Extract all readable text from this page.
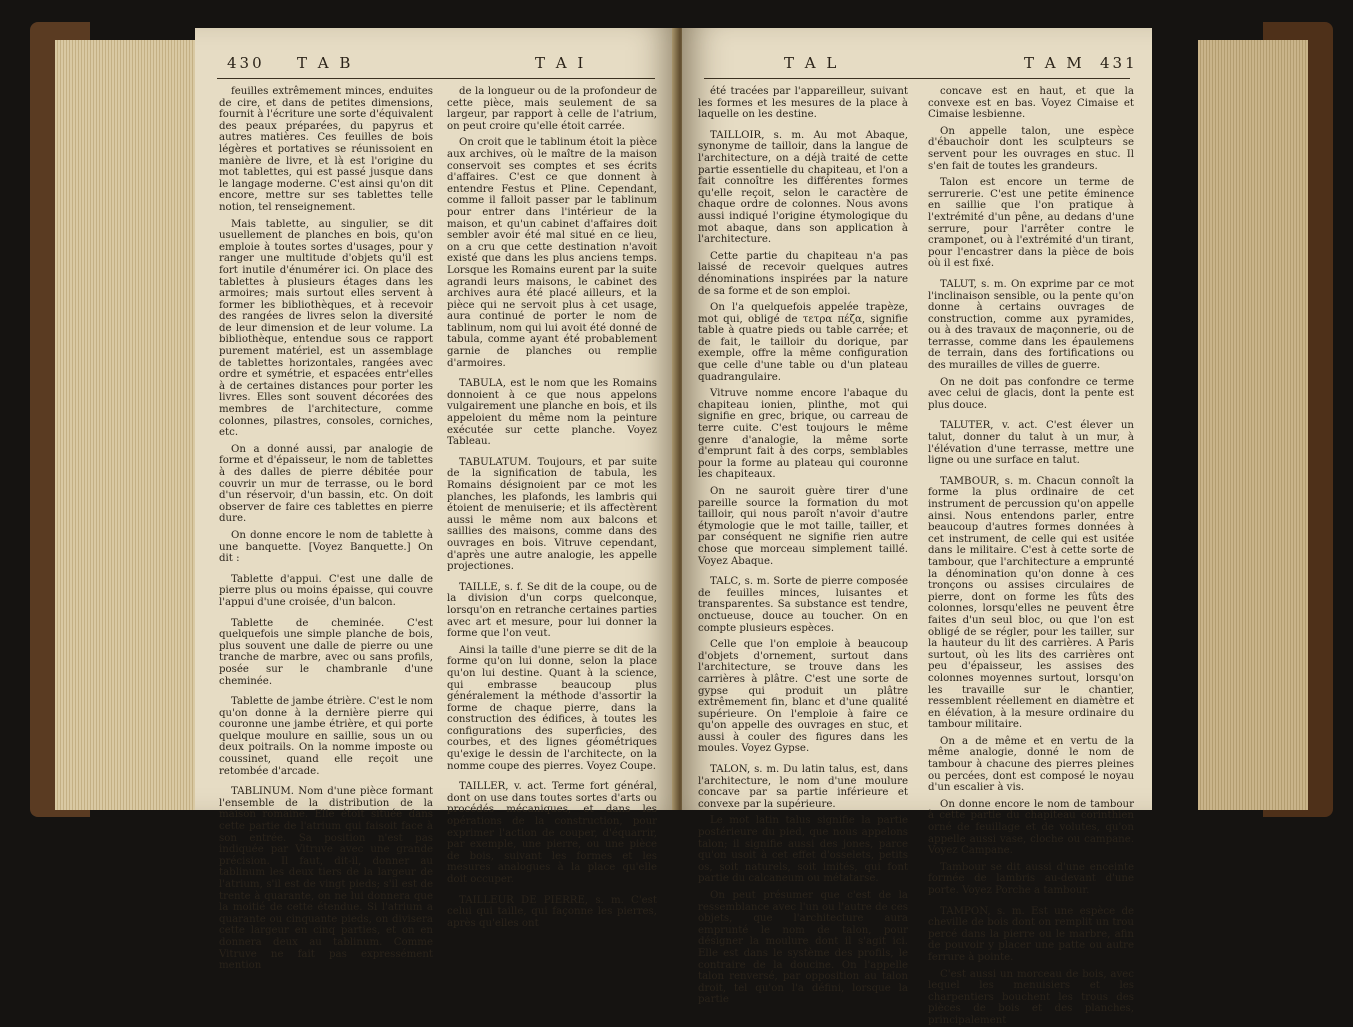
430 T A B	T A I

feuilles extrêmement minces, enduites de cire, et dans de petites dimensions, fournit à l'écriture une sorte d'équivalent des peaux préparées, du papyrus et autres matières. Ces feuilles de bois légères et portatives se réunissoient en manière de livre, et là est l'origine du mot tablettes, qui est passé jusque dans le langage moderne. C'est ainsi qu'on dit encore, mettre sur ses tablettes telle notion, tel renseignement.

Mais tablette, au singulier, se dit usuellement de planches en bois, qu'on emploie à toutes sortes d'usages, pour y ranger une multitude d'objets qu'il est fort inutile d'énumérer ici. On place des tablettes à plusieurs étages dans les armoires; mais surtout elles servent à former les bibliothèques, et à recevoir des rangées de livres selon la diversité de leur dimension et de leur volume. La bibliothèque, entendue sous ce rapport purement matériel, est un assemblage de tablettes horizontales, rangées avec ordre et symétrie, et espacées entr'elles à de certaines distances pour porter les livres. Elles sont souvent décorées des membres de l'architecture, comme colonnes, pilastres, consoles, corniches, etc.

On a donné aussi, par analogie de forme et d'épaisseur, le nom de tablettes à des dalles de pierre débitée pour couvrir un mur de terrasse, ou le bord d'un réservoir, d'un bassin, etc. On doit observer de faire ces tablettes en pierre dure.

On donne encore le nom de tablette à une banquette. [Voyez Banquette.] On dit :

Tablette d'appui. C'est une dalle de pierre plus ou moins épaisse, qui couvre l'appui d'une croisée, d'un balcon.

Tablette de cheminée. C'est quelquefois une simple planche de bois, plus souvent une dalle de pierre ou une tranche de marbre, avec ou sans profils, posée sur le chambranle d'une cheminée.

Tablette de jambe étrière. C'est le nom qu'on donne à la dernière pierre qui couronne une jambe étrière, et qui porte quelque moulure en saillie, sous un ou deux poitrails. On la nomme imposte ou coussinet, quand elle reçoit une retombée d'arcade.

TABLINUM. Nom d'une pièce formant l'ensemble de la distribution de la maison romaine. Elle étoit située dans cette partie de l'atrium qui faisoit face à son entrée. Sa position n'est pas indiquée par Vitruve avec une grande précision. Il faut, dit-il, donner au tablinum les deux tiers de la largeur de l'atrium, s'il est de vingt pieds; s'il est de trente à quarante, on ne lui donnera que la moitié de cette étendue. Si l'atrium a quarante ou cinquante pieds, on divisera cette largeur en cinq parties, et on en donnera deux au tablinum. Comme Vitruve ne fait pas expressément mention

de la longueur ou de la profondeur de cette pièce, mais seulement de sa largeur, par rapport à celle de l'atrium, on peut croire qu'elle étoit carrée.

On croit que le tablinum étoit la pièce aux archives, où le maître de la maison conservoit ses comptes et ses écrits d'affaires. C'est ce que donnent à entendre Festus et Pline. Cependant, comme il falloit passer par le tablinum pour entrer dans l'intérieur de la maison, et qu'un cabinet d'affaires doit sembler avoir été mal situé en ce lieu, on a cru que cette destination n'avoit existé que dans les plus anciens temps. Lorsque les Romains eurent par la suite agrandi leurs maisons, le cabinet des archives aura été placé ailleurs, et la pièce qui ne servoit plus à cet usage, aura continué de porter le nom de tablinum, nom qui lui avoit été donné de tabula, comme ayant été probablement garnie de planches ou remplie d'armoires.

TABULA, est le nom que les Romains donnoient à ce que nous appelons vulgairement une planche en bois, et ils appeloient du même nom la peinture exécutée sur cette planche. Voyez Tableau.

TABULATUM. Toujours, et par suite de la signification de tabula, les Romains désignoient par ce mot les planches, les plafonds, les lambris qui étoient de menuiserie; et ils affectèrent aussi le même nom aux balcons et saillies des maisons, comme dans des ouvrages en bois. Vitruve cependant, d'après une autre analogie, les appelle projectiones.

TAILLE, s. f. Se dit de la coupe, ou de la division d'un corps quelconque, lorsqu'on en retranche certaines parties avec art et mesure, pour lui donner la forme que l'on veut.

Ainsi la taille d'une pierre se dit de la forme qu'on lui donne, selon la place qu'on lui destine. Quant à la science, qui embrasse beaucoup plus généralement la méthode d'assortir la forme de chaque pierre, dans la construction des édifices, à toutes les configurations des superficies, des courbes, et des lignes géométriques qu'exige le dessin de l'architecte, on la nomme coupe des pierres. Voyez Coupe.

TAILLER, v. act. Terme fort général, dont on use dans toutes sortes d'arts ou procédés mécaniques, et dans les opérations de la construction, pour exprimer l'action de couper, d'équarrir, par exemple, une pierre, ou une pièce de bois, suivant les formes et les mesures analogues à la place qu'elle doit occuper.

TAILLEUR DE PIERRE, s. m. C'est celui qui taille, qui façonne les pierres, après qu'elles ont

T A L	T A M 431

été tracées par l'appareilleur, suivant les formes et les mesures de la place à laquelle on les destine.

TAILLOIR, s. m. Au mot Abaque, synonyme de tailloir, dans la langue de l'architecture, on a déjà traité de cette partie essentielle du chapiteau, et l'on a fait connoître les différentes formes qu'elle reçoit, selon le caractère de chaque ordre de colonnes. Nous avons aussi indiqué l'origine étymologique du mot abaque, dans son application à l'architecture.

Cette partie du chapiteau n'a pas laissé de recevoir quelques autres dénominations inspirées par la nature de sa forme et de son emploi.

On l'a quelquefois appelée trapèze, mot qui, obligé de τετρα πέζα, signifie table à quatre pieds ou table carrée; et de fait, le tailloir du dorique, par exemple, offre la même configuration que celle d'une table ou d'un plateau quadrangulaire.

Vitruve nomme encore l'abaque du chapiteau ionien, plinthe, mot qui signifie en grec, brique, ou carreau de terre cuite. C'est toujours le même genre d'analogie, la même sorte d'emprunt fait à des corps, semblables pour la forme au plateau qui couronne les chapiteaux.

On ne sauroit guère tirer d'une pareille source la formation du mot tailloir, qui nous paroît n'avoir d'autre étymologie que le mot taille, tailler, et par conséquent ne signifie rien autre chose que morceau simplement taillé. Voyez Abaque.

TALC, s. m. Sorte de pierre composée de feuilles minces, luisantes et transparentes. Sa substance est tendre, onctueuse, douce au toucher. On en compte plusieurs espèces.

Celle que l'on emploie à beaucoup d'objets d'ornement, surtout dans l'architecture, se trouve dans les carrières à plâtre. C'est une sorte de gypse qui produit un plâtre extrêmement fin, blanc et d'une qualité supérieure. On l'emploie à faire ce qu'on appelle des ouvrages en stuc, et aussi à couler des figures dans les moules. Voyez Gypse.

TALON, s. m. Du latin talus, est, dans l'architecture, le nom d'une moulure concave par sa partie inférieure et convexe par la supérieure.

Le mot latin talus signifie la partie postérieure du pied, que nous appelons talon; il signifie aussi des jones, parce qu'on usoit à cet effet d'osselets, petits os, soit naturels, soit imités, qui font partie du calcaneum ou métatarse.

On peut présumer que c'est de la ressemblance avec l'un ou l'autre de ces objets, que l'architecture aura emprunté le nom de talon, pour désigner la moulure dont il s'agit ici. Elle est dans le système des profils, le contraire de la doucine. On l'appelle talon renversé, par opposition au talon droit, tel qu'on l'a défini, lorsque la partie

concave est en haut, et que la convexe est en bas. Voyez Cimaise et Cimaise lesbienne.

On appelle talon, une espèce d'ébauchoir dont les sculpteurs se servent pour les ouvrages en stuc. Il s'en fait de toutes les grandeurs.

Talon est encore un terme de serrurerie. C'est une petite éminence en saillie que l'on pratique à l'extrémité d'un pêne, au dedans d'une serrure, pour l'arrêter contre le cramponet, ou à l'extrémité d'un tirant, pour l'encastrer dans la pièce de bois où il est fixé.

TALUT, s. m. On exprime par ce mot l'inclinaison sensible, ou la pente qu'on donne à certains ouvrages de construction, comme aux pyramides, ou à des travaux de maçonnerie, ou de terrasse, comme dans les épaulemens de terrain, dans des fortifications ou des murailles de villes de guerre.

On ne doit pas confondre ce terme avec celui de glacis, dont la pente est plus douce.

TALUTER, v. act. C'est élever un talut, donner du talut à un mur, à l'élévation d'une terrasse, mettre une ligne ou une surface en talut.

TAMBOUR, s. m. Chacun connoît la forme la plus ordinaire de cet instrument de percussion qu'on appelle ainsi. Nous entendons parler, entre beaucoup d'autres formes données à cet instrument, de celle qui est usitée dans le militaire. C'est à cette sorte de tambour, que l'architecture a emprunté la dénomination qu'on donne à ces tronçons ou assises circulaires de pierre, dont on forme les fûts des colonnes, lorsqu'elles ne peuvent être faites d'un seul bloc, ou que l'on est obligé de se régler, pour les tailler, sur la hauteur du lit des carrières. A Paris surtout, où les lits des carrières ont peu d'épaisseur, les assises des colonnes moyennes surtout, lorsqu'on les travaille sur le chantier, ressemblent réellement en diamètre et en élévation, à la mesure ordinaire du tambour militaire.

On a de même et en vertu de la même analogie, donné le nom de tambour à chacune des pierres pleines ou percées, dont est composé le noyau d'un escalier à vis.

On donne encore le nom de tambour à cette partie du chapiteau corinthien orné de feuillage et de volutes, qu'on appelle aussi vase, cloche ou campane. Voyez Campane.

Tambour se dit aussi d'une enceinte formée de lambris au-devant d'une porte. Voyez Porche a tambour.

TAMPON, s. m. Est une espèce de cheville de bois dont on remplit un trou percé dans la pierre ou le marbre, afin de pouvoir y placer une patte ou autre ferrure à pointe.

C'est aussi un morceau de bois, avec lequel les menuisiers et les charpentiers bouchent les trous des pièces de bois et des planches, principalement
